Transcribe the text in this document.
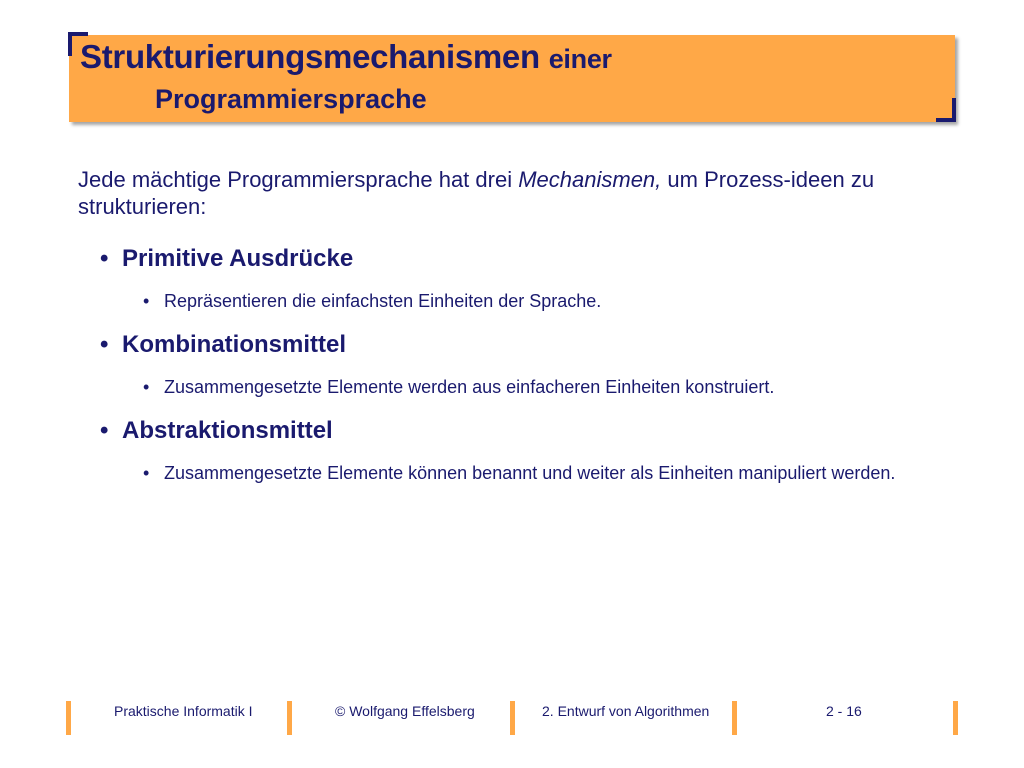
Strukturierungsmechanismen einer
Programmiersprache
Jede mächtige Programmiersprache hat drei Mechanismen, um Prozess-ideen zu strukturieren:
• Primitive Ausdrücke
• Repräsentieren die einfachsten Einheiten der Sprache.
• Kombinationsmittel
• Zusammengesetzte Elemente werden aus einfacheren Einheiten konstruiert.
• Abstraktionsmittel
• Zusammengesetzte Elemente können benannt und weiter als Einheiten manipuliert werden.
Praktische Informatik I	© Wolfgang Effelsberg	2. Entwurf von Algorithmen	2 - 16
